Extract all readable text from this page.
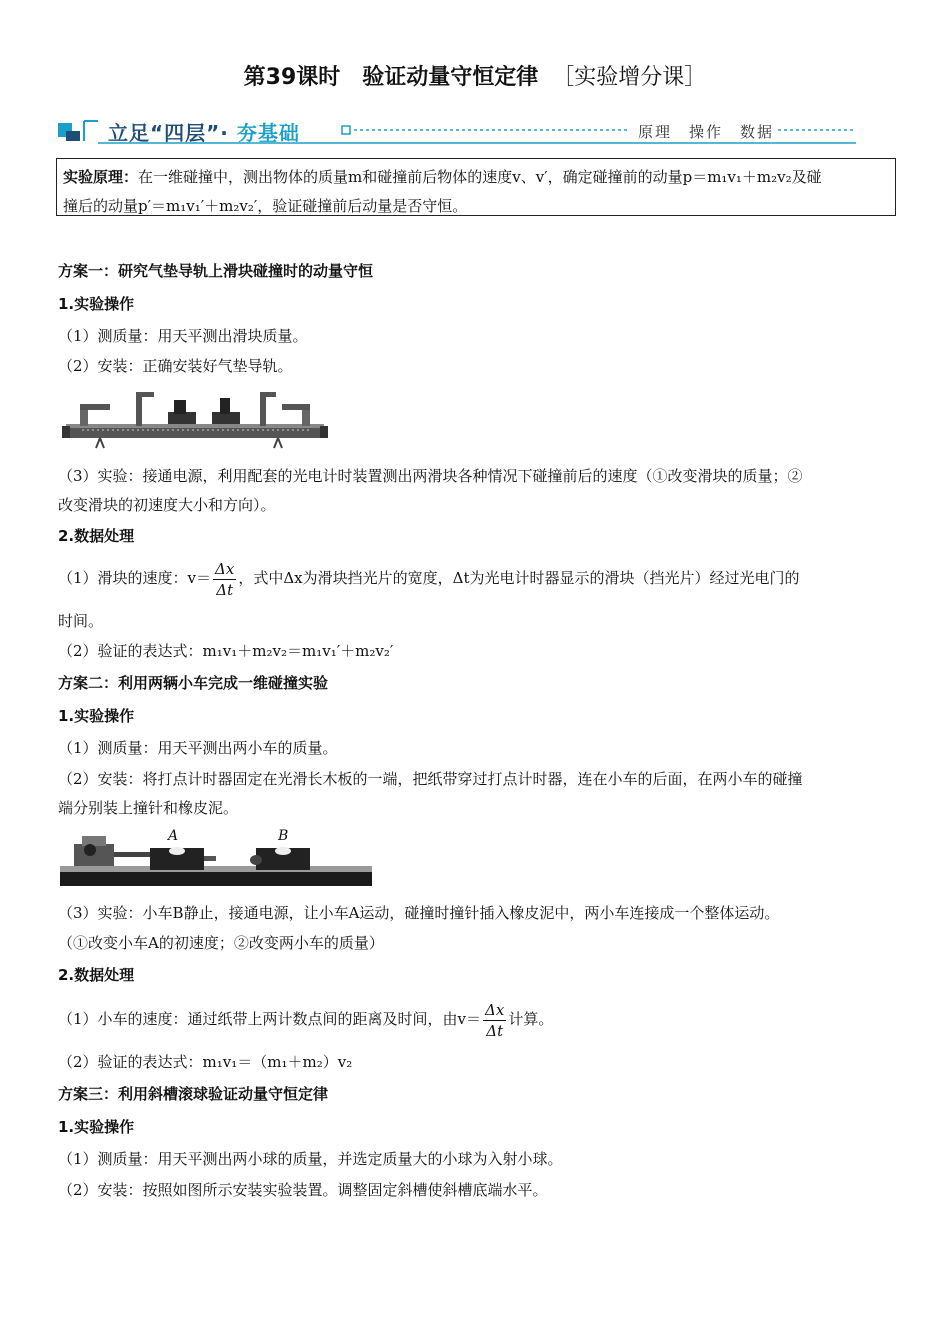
第39课时　验证动量守恒定律 ［实验增分课］
立足“四层”· 夯基础	原理　操作　数据
实验原理：在一维碰撞中，测出物体的质量m和碰撞前后物体的速度v、v′，确定碰撞前的动量p＝m₁v₁＋m₂v₂及碰
撞后的动量p′＝m₁v₁′＋m₂v₂′，验证碰撞前后动量是否守恒。
方案一：研究气垫导轨上滑块碰撞时的动量守恒
1.实验操作
（1）测质量：用天平测出滑块质量。
（2）安装：正确安装好气垫导轨。
（3）实验：接通电源，利用配套的光电计时装置测出两滑块各种情况下碰撞前后的速度（①改变滑块的质量；②
改变滑块的初速度大小和方向）。
2.数据处理
（1）滑块的速度：$v= \frac{\Delta x}{\Delta t}$ ，式中Δx为滑块挡光片的宽度，Δt为光电计时器显示的滑块（挡光片）经过光电门的
时间。
（2）验证的表达式：m₁v₁＋m₂v₂＝m₁v₁′＋m₂v₂′
方案二：利用两辆小车完成一维碰撞实验
1.实验操作
（1）测质量：用天平测出两小车的质量。
（2）安装：将打点计时器固定在光滑长木板的一端，把纸带穿过打点计时器，连在小车的后面，在两小车的碰撞
端分别装上撞针和橡皮泥。
A	B
（3）实验：小车B静止，接通电源，让小车A运动，碰撞时撞针插入橡皮泥中，两小车连接成一个整体运动。
（①改变小车A的初速度；②改变两小车的质量）
2.数据处理
（1）小车的速度：通过纸带上两计数点间的距离及时间，由$v= \frac{\Delta x}{\Delta t}$ 计算。
（2）验证的表达式：m₁v₁＝（m₁＋m₂）v₂
方案三：利用斜槽滚球验证动量守恒定律
1.实验操作
（1）测质量：用天平测出两小球的质量，并选定质量大的小球为入射小球。
（2）安装：按照如图所示安装实验装置。调整固定斜槽使斜槽底端水平。
